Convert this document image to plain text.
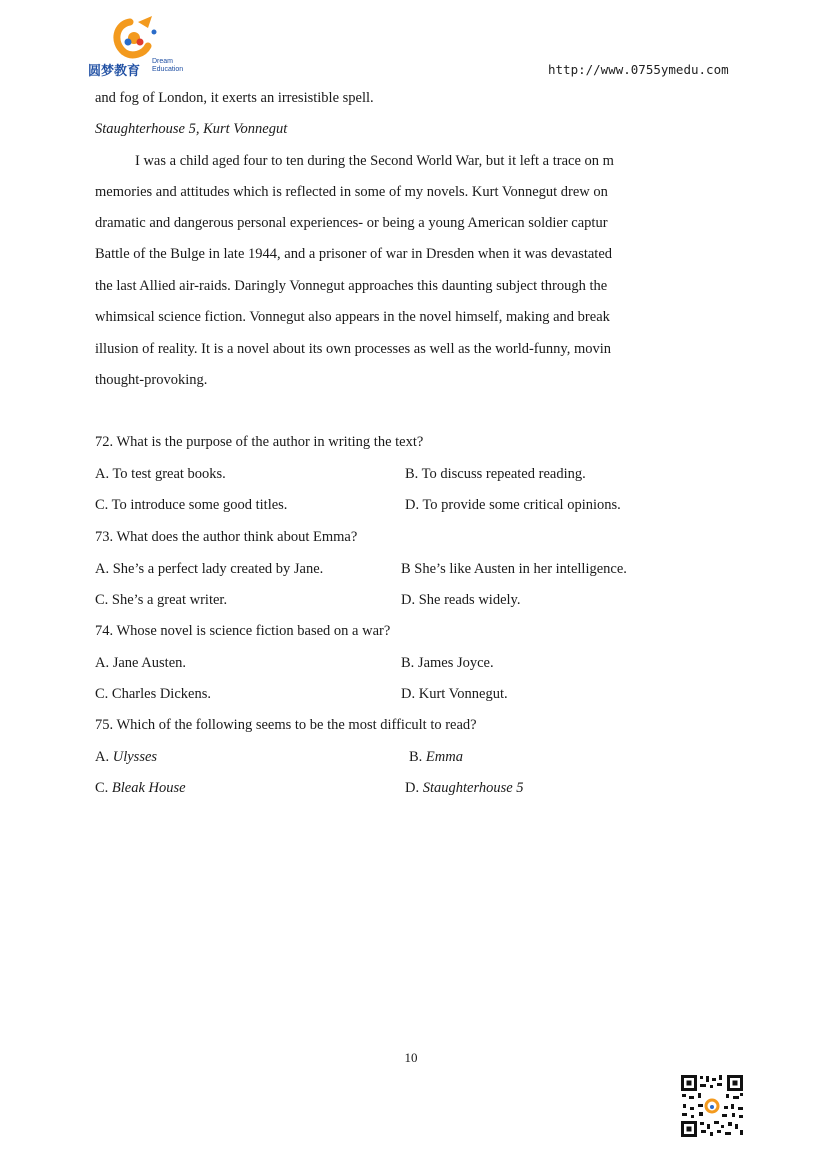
圆梦教育
Dream
Education	http://www.0755ymedu.com
and fog of London, it exerts an irresistible spell.
Staughterhouse 5, Kurt Vonnegut
I was a child aged four to ten during the Second World War, but it left a trace on m
memories and attitudes which is reflected in some of my novels. Kurt Vonnegut drew on
dramatic and dangerous personal experiences- or being a young American soldier captur
Battle of the Bulge in late 1944, and a prisoner of war in Dresden when it was devastated
the last Allied air-raids. Daringly Vonnegut approaches this daunting subject through the
whimsical science fiction. Vonnegut also appears in the novel himself, making and break
illusion of reality. It is a novel about its own processes as well as the world-funny, movin
thought-provoking.
72. What is the purpose of the author in writing the text?
A. To test great books.	B. To discuss repeated reading.
C. To introduce some good titles.	D. To provide some critical opinions.
73. What does the author think about Emma?
A. She’s a perfect lady created by Jane.	B She’s like Austen in her intelligence.
C. She’s a great writer.	D. She reads widely.
74. Whose novel is science fiction based on a war?
A. Jane Austen.	B. James Joyce.
C. Charles Dickens.	D. Kurt Vonnegut.
75. Which of the following seems to be the most difficult to read?
A. Ulysses	B. Emma
C. Bleak House	D. Staughterhouse 5
10
